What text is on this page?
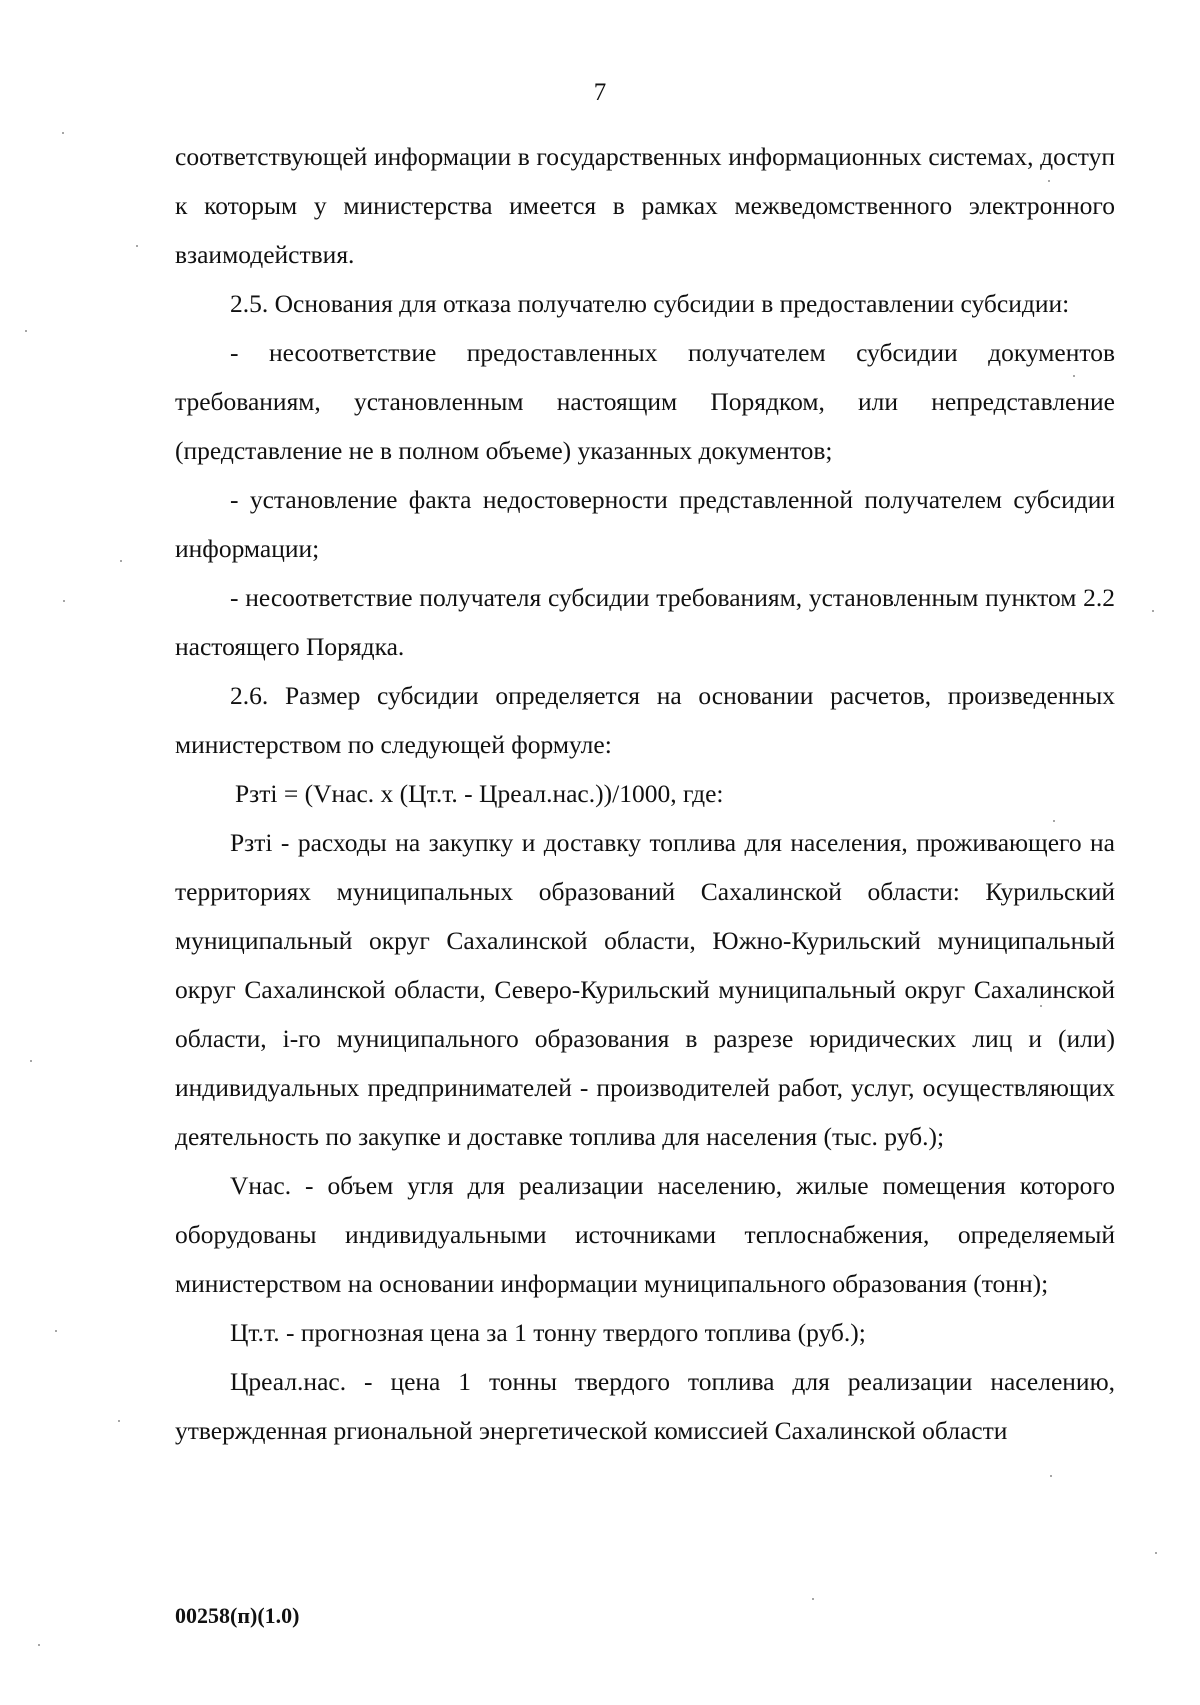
7

соответствующей информации в государственных информационных системах, доступ к которым у министерства имеется в рамках межведомственного электронного взаимодействия.

2.5. Основания для отказа получателю субсидии в предоставлении субсидии:

- несоответствие предоставленных получателем субсидии документов требованиям, установленным настоящим Порядком, или непредставление (представление не в полном объеме) указанных документов;

- установление факта недостоверности представленной получателем субсидии информации;

- несоответствие получателя субсидии требованиям, установленным пунктом 2.2 настоящего Порядка.

2.6. Размер субсидии определяется на основании расчетов, произведенных министерством по следующей формуле:

Рзтi = (Vнас. х (Цт.т. - Цреал.нас.))/1000, где:

Рзтi - расходы на закупку и доставку топлива для населения, проживающего на территориях муниципальных образований Сахалинской области: Курильский муниципальный округ Сахалинской области, Южно-Курильский муниципальный округ Сахалинской области, Северо-Курильский муниципальный округ Сахалинской области, i-го муниципального образования в разрезе юридических лиц и (или) индивидуальных предпринимателей - производителей работ, услуг, осуществляющих деятельность по закупке и доставке топлива для населения (тыс. руб.);

Vнас. - объем угля для реализации населению, жилые помещения которого оборудованы индивидуальными источниками теплоснабжения, определяемый министерством на основании информации муниципального образования (тонн);

Цт.т. - прогнозная цена за 1 тонну твердого топлива (руб.);

Цреал.нас. - цена 1 тонны твердого топлива для реализации населению, утвержденная ргиональной энергетической комиссией Сахалинской области

00258(п)(1.0)
